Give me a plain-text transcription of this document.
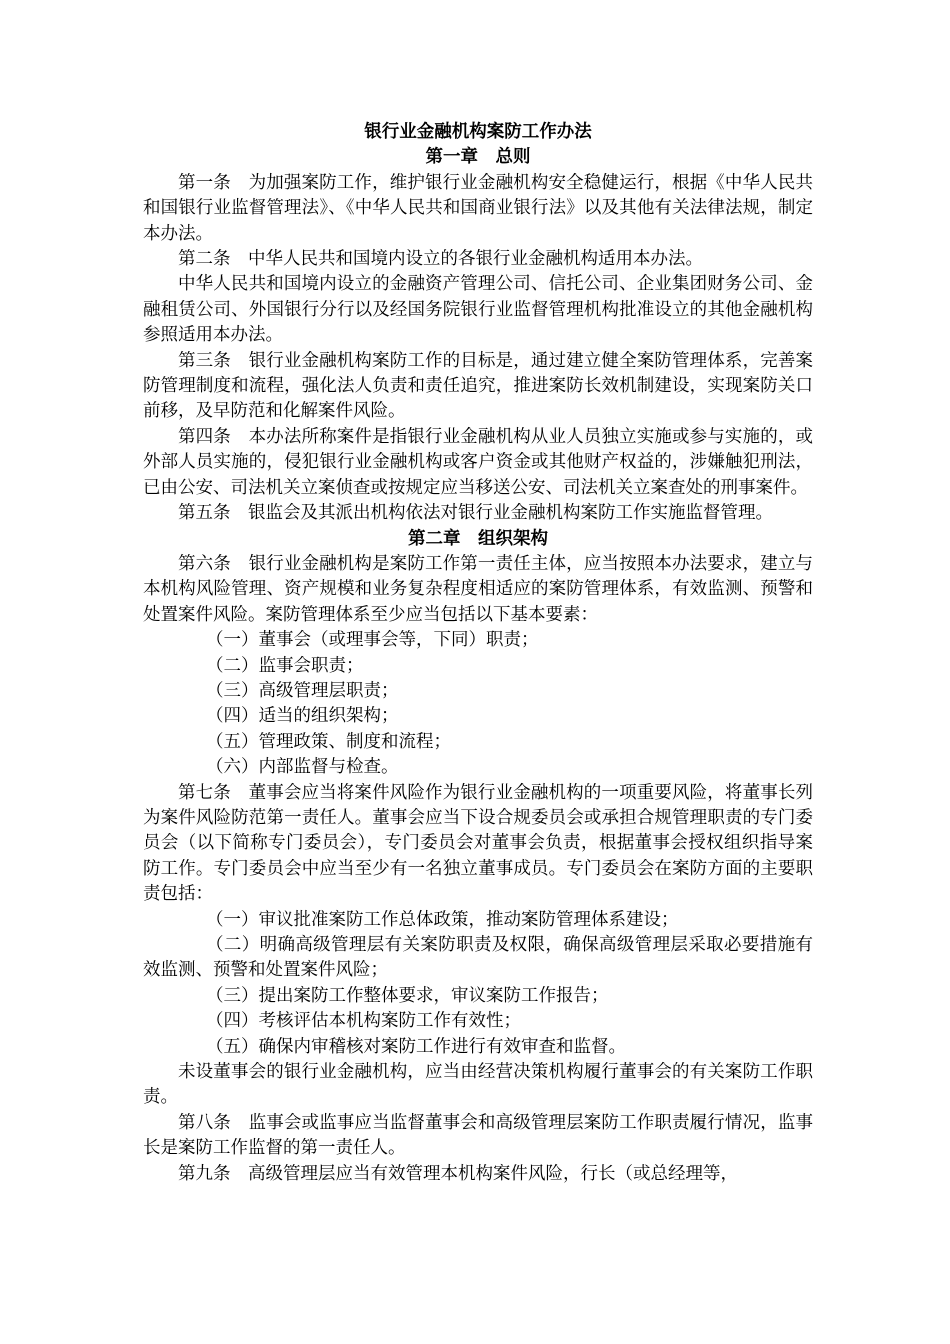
银行业金融机构案防工作办法

第一章　总则

第一条　为加强案防工作，维护银行业金融机构安全稳健运行，根据《中华人民共和国银行业监督管理法》、《中华人民共和国商业银行法》以及其他有关法律法规，制定本办法。

第二条　中华人民共和国境内设立的各银行业金融机构适用本办法。

中华人民共和国境内设立的金融资产管理公司、信托公司、企业集团财务公司、金融租赁公司、外国银行分行以及经国务院银行业监督管理机构批准设立的其他金融机构参照适用本办法。

第三条　银行业金融机构案防工作的目标是，通过建立健全案防管理体系，完善案防管理制度和流程，强化法人负责和责任追究，推进案防长效机制建设，实现案防关口前移，及早防范和化解案件风险。

第四条　本办法所称案件是指银行业金融机构从业人员独立实施或参与实施的，或外部人员实施的，侵犯银行业金融机构或客户资金或其他财产权益的，涉嫌触犯刑法，已由公安、司法机关立案侦查或按规定应当移送公安、司法机关立案查处的刑事案件。

第五条　银监会及其派出机构依法对银行业金融机构案防工作实施监督管理。

第二章　组织架构

第六条　银行业金融机构是案防工作第一责任主体，应当按照本办法要求，建立与本机构风险管理、资产规模和业务复杂程度相适应的案防管理体系，有效监测、预警和处置案件风险。案防管理体系至少应当包括以下基本要素：

（一）董事会（或理事会等，下同）职责；

（二）监事会职责；

（三）高级管理层职责；

（四）适当的组织架构；

（五）管理政策、制度和流程；

（六）内部监督与检查。

第七条　董事会应当将案件风险作为银行业金融机构的一项重要风险，将董事长列为案件风险防范第一责任人。董事会应当下设合规委员会或承担合规管理职责的专门委员会（以下简称专门委员会），专门委员会对董事会负责，根据董事会授权组织指导案防工作。专门委员会中应当至少有一名独立董事成员。专门委员会在案防方面的主要职责包括：

（一）审议批准案防工作总体政策，推动案防管理体系建设；

（二）明确高级管理层有关案防职责及权限，确保高级管理层采取必要措施有效监测、预警和处置案件风险；

（三）提出案防工作整体要求，审议案防工作报告；

（四）考核评估本机构案防工作有效性；

（五）确保内审稽核对案防工作进行有效审查和监督。

未设董事会的银行业金融机构，应当由经营决策机构履行董事会的有关案防工作职责。

第八条　监事会或监事应当监督董事会和高级管理层案防工作职责履行情况，监事长是案防工作监督的第一责任人。

第九条　高级管理层应当有效管理本机构案件风险，行长（或总经理等，
